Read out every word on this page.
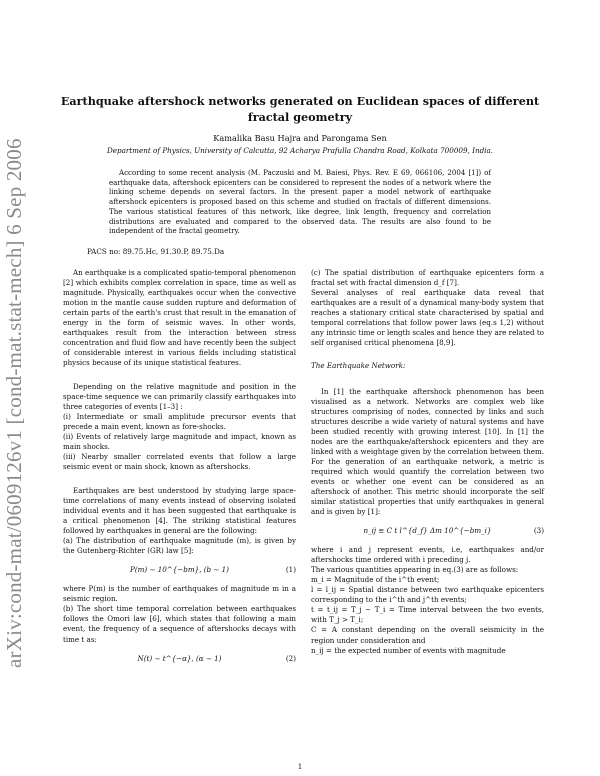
arXiv:cond-mat/0609126v1 [cond-mat.stat-mech] 6 Sep 2006
Earthquake aftershock networks generated on Euclidean spaces of different fractal geometry
Kamalika Basu Hajra and Parongama Sen
Department of Physics, University of Calcutta, 92 Acharya Prafulla Chandra Road, Kolkata 700009, India.
According to some recent analysis (M. Paczuski and M. Baiesi, Phys. Rev. E 69, 066106, 2004 [1]) of earthquake data, aftershock epicenters can be considered to represent the nodes of a network where the linking scheme depends on several factors. In the present paper a model network of earthquake aftershock epicenters is proposed based on this scheme and studied on fractals of different dimensions. The various statistical features of this network, like degree, link length, frequency and correlation distributions are evaluated and compared to the observed data. The results are also found to be independent of the fractal geometry.
PACS no: 89.75.Hc, 91.30.P, 89.75.Da

An earthquake is a complicated spatio-temporal phenomenon [2] which exhibits complex correlation in space, time as well as magnitude. Physically, earthquakes occur when the convective motion in the mantle cause sudden rupture and deformation of certain parts of the earth's crust that result in the emanation of energy in the form of seismic waves. In other words, earthquakes result from the interaction between stress concentration and fluid flow and have recently been the subject of considerable interest in various fields including statistical physics because of its unique statistical features.

Depending on the relative magnitude and position in the space-time sequence we can primarily classify earthquakes into three categories of events [1–3] :

(i) Intermediate or small amplitude precursor events that precede a main event, known as fore-shocks.

(ii) Events of relatively large magnitude and impact, known as main shocks.

(iii) Nearby smaller correlated events that follow a large seismic event or main shock, known as aftershocks.

Earthquakes are best understood by studying large space-time correlations of many events instead of observing isolated individual events and it has been suggested that earthquake is a critical phenomenon [4]. The striking statistical features followed by earthquakes in general are the following:

(a) The distribution of earthquake magnitude (m), is given by the Gutenberg-Richter (GR) law [5]:

P(m) ∼ 10^{−bm}, (b ∼ 1)	(1)

where P(m) is the number of earthquakes of magnitude m in a seismic region.

(b) The short time temporal correlation between earthquakes follows the Omori law [6], which states that following a main event, the frequency of a sequence of aftershocks decays with time t as:

N(t) ∼ t^{−α}, (α ∼ 1)	(2)

(c) The spatial distribution of earthquake epicenters form a fractal set with fractal dimension d_f [7].

Several analyses of real earthquake data reveal that earthquakes are a result of a dynamical many-body system that reaches a stationary critical state characterised by spatial and temporal correlations that follow power laws (eq.s 1,2) without any intrinsic time or length scales and hence they are related to self organised critical phenomena [8,9].

The Earthquake Network:

In [1] the earthquake aftershock phenomenon has been visualised as a network. Networks are complex web like structures comprising of nodes, connected by links and such structures describe a wide variety of natural systems and have been studied recently with growing interest [10]. In [1] the nodes are the earthquake/aftershock epicenters and they are linked with a weightage given by the correlation between them. For the generation of an earthquake network, a metric is required which would quantify the correlation between two events or whether one event can be considered as an aftershock of another. This metric should incorporate the self similar statistical properties that unify earthquakes in general and is given by [1]:

n_ij ≡ C t l^{d_f} Δm 10^{−bm_i}	(3)

where i and j represent events, i.e, earthquakes and/or aftershocks time ordered with i preceding j.

The various quantities appearing in eq.(3) are as follows:

m_i = Magnitude of the i^th event;

l = l_ij = Spatial distance between two earthquake epicenters corresponding to the i^th and j^th events;

t = t_ij = T_j − T_i = Time interval between the two events, with T_j > T_i;

C = A constant depending on the overall seismicity in the region under consideration and

n_ij = the expected number of events with magnitude

1
